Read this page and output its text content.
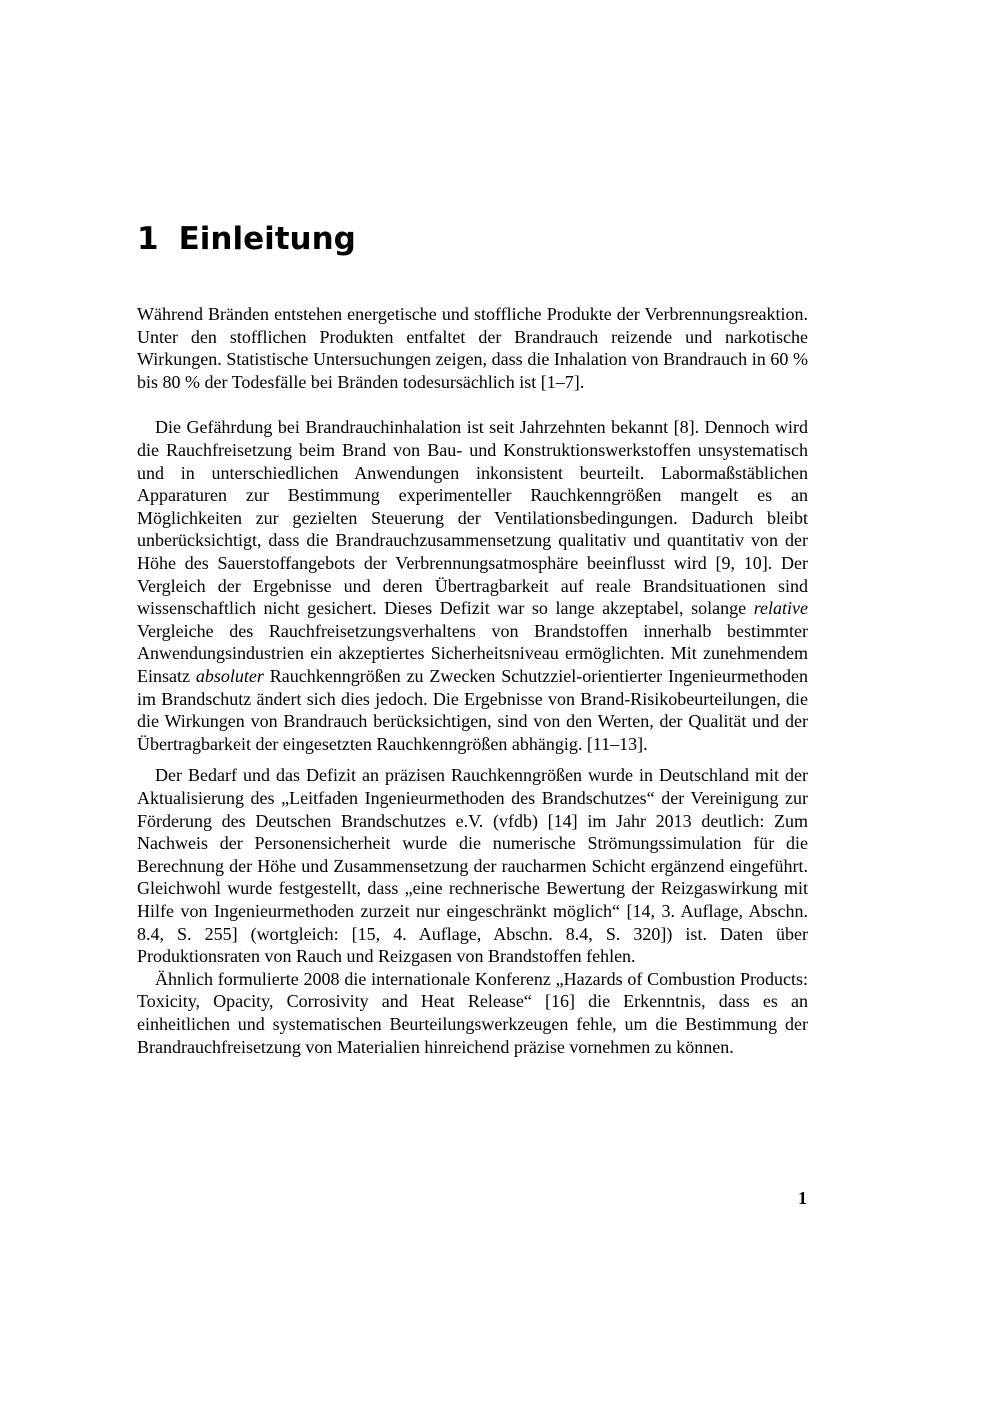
1 Einleitung

Während Bränden entstehen energetische und stoffliche Produkte der Verbrennungsreaktion. Unter den stofflichen Produkten entfaltet der Brandrauch reizende und narkotische Wirkungen. Statistische Untersuchungen zeigen, dass die Inhalation von Brandrauch in 60 % bis 80 % der Todesfälle bei Bränden todesursächlich ist [1–7].

Die Gefährdung bei Brandrauchinhalation ist seit Jahrzehnten bekannt [8]. Dennoch wird die Rauchfreisetzung beim Brand von Bau- und Konstruktionswerkstoffen unsystematisch und in unterschiedlichen Anwendungen inkonsistent beurteilt. Labormaßstäblichen Apparaturen zur Bestimmung experimenteller Rauchkenngrößen mangelt es an Möglichkeiten zur gezielten Steuerung der Ventilationsbedingungen. Dadurch bleibt unberücksichtigt, dass die Brandrauchzusammensetzung qualitativ und quantitativ von der Höhe des Sauerstoffangebots der Verbrennungsatmosphäre beeinflusst wird [9, 10]. Der Vergleich der Ergebnisse und deren Übertragbarkeit auf reale Brandsituationen sind wissenschaftlich nicht gesichert. Dieses Defizit war so lange akzeptabel, solange relative Vergleiche des Rauchfreisetzungsverhaltens von Brandstoffen innerhalb bestimmter Anwendungsindustrien ein akzeptiertes Sicherheitsniveau ermöglichten. Mit zunehmendem Einsatz absoluter Rauchkenngrößen zu Zwecken Schutzziel-orientierter Ingenieurmethoden im Brandschutz ändert sich dies jedoch. Die Ergebnisse von Brand-Risikobeurteilungen, die die Wirkungen von Brandrauch berücksichtigen, sind von den Werten, der Qualität und der Übertragbarkeit der eingesetzten Rauchkenngrößen abhängig. [11–13].

Der Bedarf und das Defizit an präzisen Rauchkenngrößen wurde in Deutschland mit der Aktualisierung des „Leitfaden Ingenieurmethoden des Brandschutzes“ der Vereinigung zur Förderung des Deutschen Brandschutzes e.V. (vfdb) [14] im Jahr 2013 deutlich: Zum Nachweis der Personensicherheit wurde die numerische Strömungssimulation für die Berechnung der Höhe und Zusammensetzung der raucharmen Schicht ergänzend eingeführt. Gleichwohl wurde festgestellt, dass „eine rechnerische Bewertung der Reizgaswirkung mit Hilfe von Ingenieurmethoden zurzeit nur eingeschränkt möglich“ [14, 3. Auflage, Abschn. 8.4, S. 255] (wortgleich: [15, 4. Auflage, Abschn. 8.4, S. 320]) ist. Daten über Produktionsraten von Rauch und Reizgasen von Brandstoffen fehlen.

Ähnlich formulierte 2008 die internationale Konferenz „Hazards of Combustion Products: Toxicity, Opacity, Corrosivity and Heat Release“ [16] die Erkenntnis, dass es an einheitlichen und systematischen Beurteilungswerkzeugen fehle, um die Bestimmung der Brandrauchfreisetzung von Materialien hinreichend präzise vornehmen zu können.

1
